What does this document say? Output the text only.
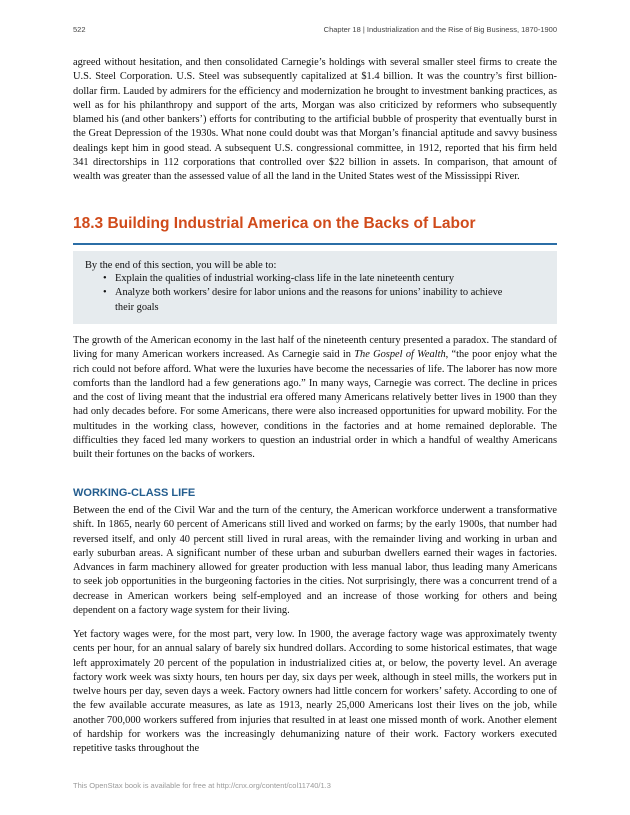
522	Chapter 18 | Industrialization and the Rise of Big Business, 1870-1900

agreed without hesitation, and then consolidated Carnegie’s holdings with several smaller steel firms to create the U.S. Steel Corporation. U.S. Steel was subsequently capitalized at $1.4 billion. It was the country’s first billion-dollar firm. Lauded by admirers for the efficiency and modernization he brought to investment banking practices, as well as for his philanthropy and support of the arts, Morgan was also criticized by reformers who subsequently blamed his (and other bankers’) efforts for contributing to the artificial bubble of prosperity that eventually burst in the Great Depression of the 1930s. What none could doubt was that Morgan’s financial aptitude and savvy business dealings kept him in good stead. A subsequent U.S. congressional committee, in 1912, reported that his firm held 341 directorships in 112 corporations that controlled over $22 billion in assets. In comparison, that amount of wealth was greater than the assessed value of all the land in the United States west of the Mississippi River.

18.3 Building Industrial America on the Backs of Labor
By the end of this section, you will be able to:
• Explain the qualities of industrial working-class life in the late nineteenth century
• Analyze both workers’ desire for labor unions and the reasons for unions’ inability to achieve their goals

The growth of the American economy in the last half of the nineteenth century presented a paradox. The standard of living for many American workers increased. As Carnegie said in The Gospel of Wealth, “the poor enjoy what the rich could not before afford. What were the luxuries have become the necessaries of life. The laborer has now more comforts than the landlord had a few generations ago.” In many ways, Carnegie was correct. The decline in prices and the cost of living meant that the industrial era offered many Americans relatively better lives in 1900 than they had only decades before. For some Americans, there were also increased opportunities for upward mobility. For the multitudes in the working class, however, conditions in the factories and at home remained deplorable. The difficulties they faced led many workers to question an industrial order in which a handful of wealthy Americans built their fortunes on the backs of workers.

WORKING-CLASS LIFE

Between the end of the Civil War and the turn of the century, the American workforce underwent a transformative shift. In 1865, nearly 60 percent of Americans still lived and worked on farms; by the early 1900s, that number had reversed itself, and only 40 percent still lived in rural areas, with the remainder living and working in urban and early suburban areas. A significant number of these urban and suburban dwellers earned their wages in factories. Advances in farm machinery allowed for greater production with less manual labor, thus leading many Americans to seek job opportunities in the burgeoning factories in the cities. Not surprisingly, there was a concurrent trend of a decrease in American workers being self-employed and an increase of those working for others and being dependent on a factory wage system for their living.

Yet factory wages were, for the most part, very low. In 1900, the average factory wage was approximately twenty cents per hour, for an annual salary of barely six hundred dollars. According to some historical estimates, that wage left approximately 20 percent of the population in industrialized cities at, or below, the poverty level. An average factory work week was sixty hours, ten hours per day, six days per week, although in steel mills, the workers put in twelve hours per day, seven days a week. Factory owners had little concern for workers’ safety. According to one of the few available accurate measures, as late as 1913, nearly 25,000 Americans lost their lives on the job, while another 700,000 workers suffered from injuries that resulted in at least one missed month of work. Another element of hardship for workers was the increasingly dehumanizing nature of their work. Factory workers executed repetitive tasks throughout the

This OpenStax book is available for free at http://cnx.org/content/col11740/1.3
